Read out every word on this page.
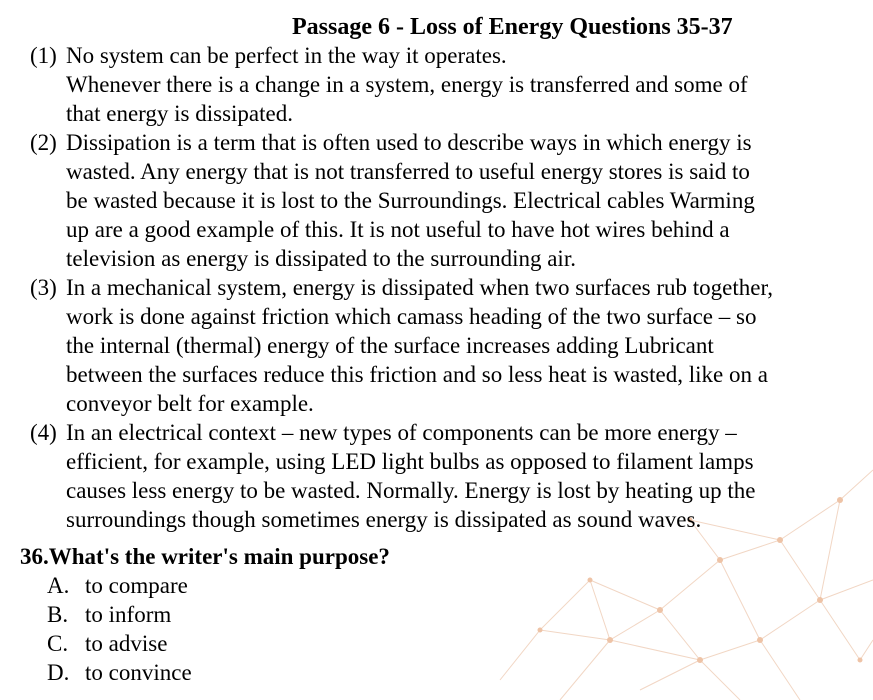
Passage 6 - Loss of Energy Questions 35-37
(1) No system can be perfect in the way it operates.
Whenever there is a change in a system, energy is transferred and some of
that energy is dissipated.
(2) Dissipation is a term that is often used to describe ways in which energy is
wasted. Any energy that is not transferred to useful energy stores is said to
be wasted because it is lost to the Surroundings. Electrical cables Warming
up are a good example of this. It is not useful to have hot wires behind a
television as energy is dissipated to the surrounding air.
(3) In a mechanical system, energy is dissipated when two surfaces rub together,
work is done against friction which camass heading of the two surface – so
the internal (thermal) energy of the surface increases adding Lubricant
between the surfaces reduce this friction and so less heat is wasted, like on a
conveyor belt for example.
(4) In an electrical context – new types of components can be more energy –
efficient, for example, using LED light bulbs as opposed to filament lamps
causes less energy to be wasted. Normally. Energy is lost by heating up the
surroundings though sometimes energy is dissipated as sound waves.
36.What's the writer's main purpose?
A. to compare
B. to inform
C. to advise
D. to convince
